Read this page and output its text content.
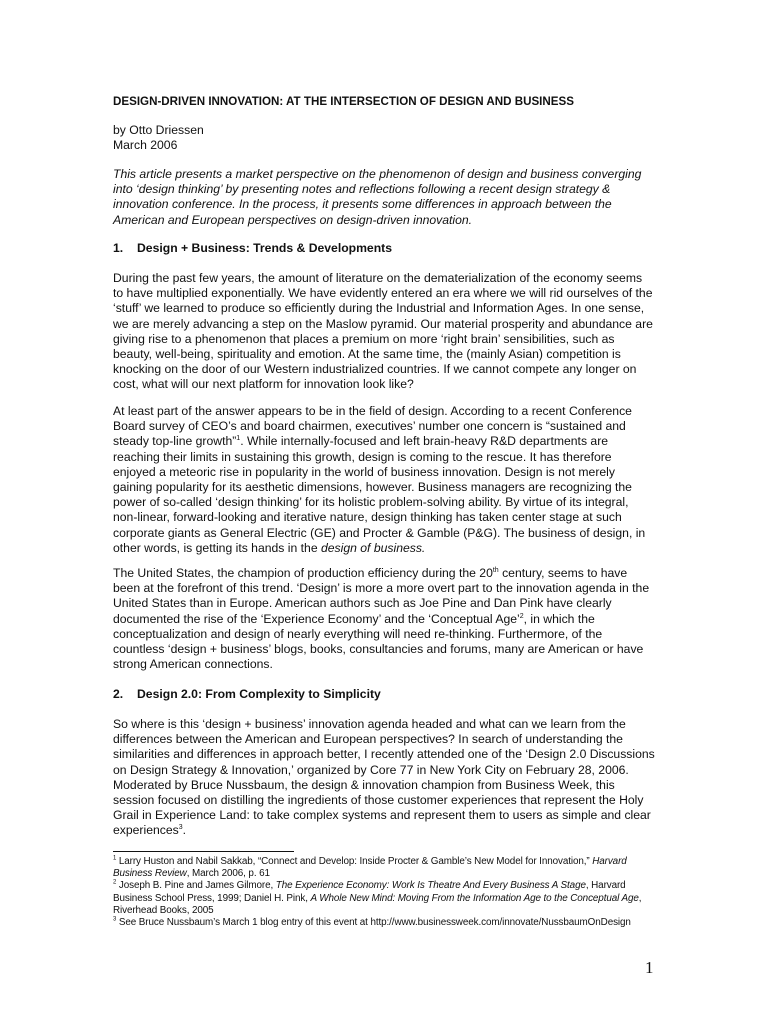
DESIGN-DRIVEN INNOVATION: AT THE INTERSECTION OF DESIGN AND BUSINESS
by Otto Driessen
March 2006

This article presents a market perspective on the phenomenon of design and business converging into ‘design thinking’ by presenting notes and reflections following a recent design strategy & innovation conference. In the process, it presents some differences in approach between the American and European perspectives on design-driven innovation.

1. Design + Business: Trends & Developments

During the past few years, the amount of literature on the dematerialization of the economy seems to have multiplied exponentially. We have evidently entered an era where we will rid ourselves of the ‘stuff’ we learned to produce so efficiently during the Industrial and Information Ages. In one sense, we are merely advancing a step on the Maslow pyramid. Our material prosperity and abundance are giving rise to a phenomenon that places a premium on more ‘right brain’ sensibilities, such as beauty, well-being, spirituality and emotion. At the same time, the (mainly Asian) competition is knocking on the door of our Western industrialized countries. If we cannot compete any longer on cost, what will our next platform for innovation look like?

At least part of the answer appears to be in the field of design. According to a recent Conference Board survey of CEO’s and board chairmen, executives’ number one concern is “sustained and steady top-line growth”$^1$. While internally-focused and left brain-heavy R&D departments are reaching their limits in sustaining this growth, design is coming to the rescue. It has therefore enjoyed a meteoric rise in popularity in the world of business innovation. Design is not merely gaining popularity for its aesthetic dimensions, however. Business managers are recognizing the power of so-called ‘design thinking’ for its holistic problem-solving ability. By virtue of its integral, non-linear, forward-looking and iterative nature, design thinking has taken center stage at such corporate giants as General Electric (GE) and Procter & Gamble (P&G). The business of design, in other words, is getting its hands in the design of business.

The United States, the champion of production efficiency during the 20th century, seems to have been at the forefront of this trend. ‘Design’ is more a more overt part to the innovation agenda in the United States than in Europe. American authors such as Joe Pine and Dan Pink have clearly documented the rise of the ‘Experience Economy’ and the ‘Conceptual Age’$^2$, in which the conceptualization and design of nearly everything will need re-thinking. Furthermore, of the countless ‘design + business’ blogs, books, consultancies and forums, many are American or have strong American connections.

2. Design 2.0: From Complexity to Simplicity

So where is this ‘design + business’ innovation agenda headed and what can we learn from the differences between the American and European perspectives? In search of understanding the similarities and differences in approach better, I recently attended one of the ‘Design 2.0 Discussions on Design Strategy & Innovation,’ organized by Core 77 in New York City on February 28, 2006. Moderated by Bruce Nussbaum, the design & innovation champion from Business Week, this session focused on distilling the ingredients of those customer experiences that represent the Holy Grail in Experience Land: to take complex systems and represent them to users as simple and clear experiences$^3$.

$^1$ Larry Huston and Nabil Sakkab, “Connect and Develop: Inside Procter & Gamble’s New Model for Innovation,” Harvard Business Review, March 2006, p. 61
$^2$ Joseph B. Pine and James Gilmore, The Experience Economy: Work Is Theatre And Every Business A Stage, Harvard Business School Press, 1999; Daniel H. Pink, A Whole New Mind: Moving From the Information Age to the Conceptual Age, Riverhead Books, 2005
$^3$ See Bruce Nussbaum’s March 1 blog entry of this event at http://www.businessweek.com/innovate/NussbaumOnDesign
1
